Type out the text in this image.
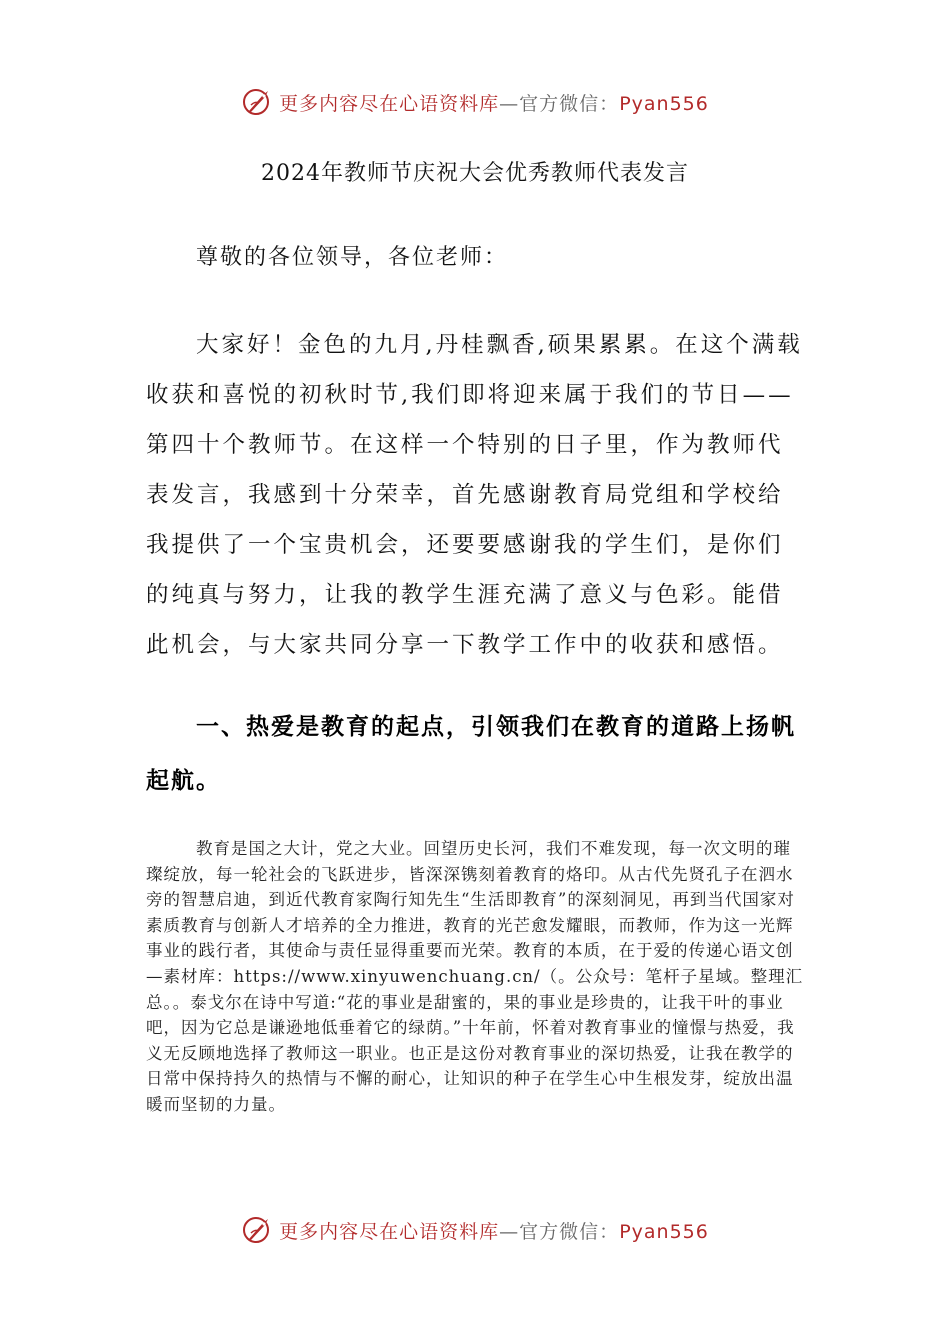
更多内容尽在心语资料库—官方微信：Pyan556
2024年教师节庆祝大会优秀教师代表发言
尊敬的各位领导，各位老师：

大家好！金色的九月,丹桂飘香,硕果累累。在这个满载收获和喜悦的初秋时节,我们即将迎来属于我们的节日——第四十个教师节。在这样一个特别的日子里，作为教师代表发言，我感到十分荣幸，首先感谢教育局党组和学校给我提供了一个宝贵机会，还要要感谢我的学生们，是你们的纯真与努力，让我的教学生涯充满了意义与色彩。能借此机会，与大家共同分享一下教学工作中的收获和感悟。

一、热爱是教育的起点，引领我们在教育的道路上扬帆起航。

教育是国之大计，党之大业。回望历史长河，我们不难发现，每一次文明的璀璨绽放，每一轮社会的飞跃进步，皆深深镌刻着教育的烙印。从古代先贤孔子在泗水旁的智慧启迪，到近代教育家陶行知先生“生活即教育”的深刻洞见，再到当代国家对素质教育与创新人才培养的全力推进，教育的光芒愈发耀眼，而教师，作为这一光辉事业的践行者，其使命与责任显得重要而光荣。教育的本质，在于爱的传递心语文创—素材库：https://www.xinyuwenchuang.cn/（。公众号：笔杆子星域。整理汇总。。泰戈尔在诗中写道:“花的事业是甜蜜的，果的事业是珍贵的，让我干叶的事业吧，因为它总是谦逊地低垂着它的绿荫。”十年前，怀着对教育事业的憧憬与热爱，我义无反顾地选择了教师这一职业。也正是这份对教育事业的深切热爱，让我在教学的日常中保持持久的热情与不懈的耐心，让知识的种子在学生心中生根发芽，绽放出温暖而坚韧的力量。

更多内容尽在心语资料库—官方微信：Pyan556
